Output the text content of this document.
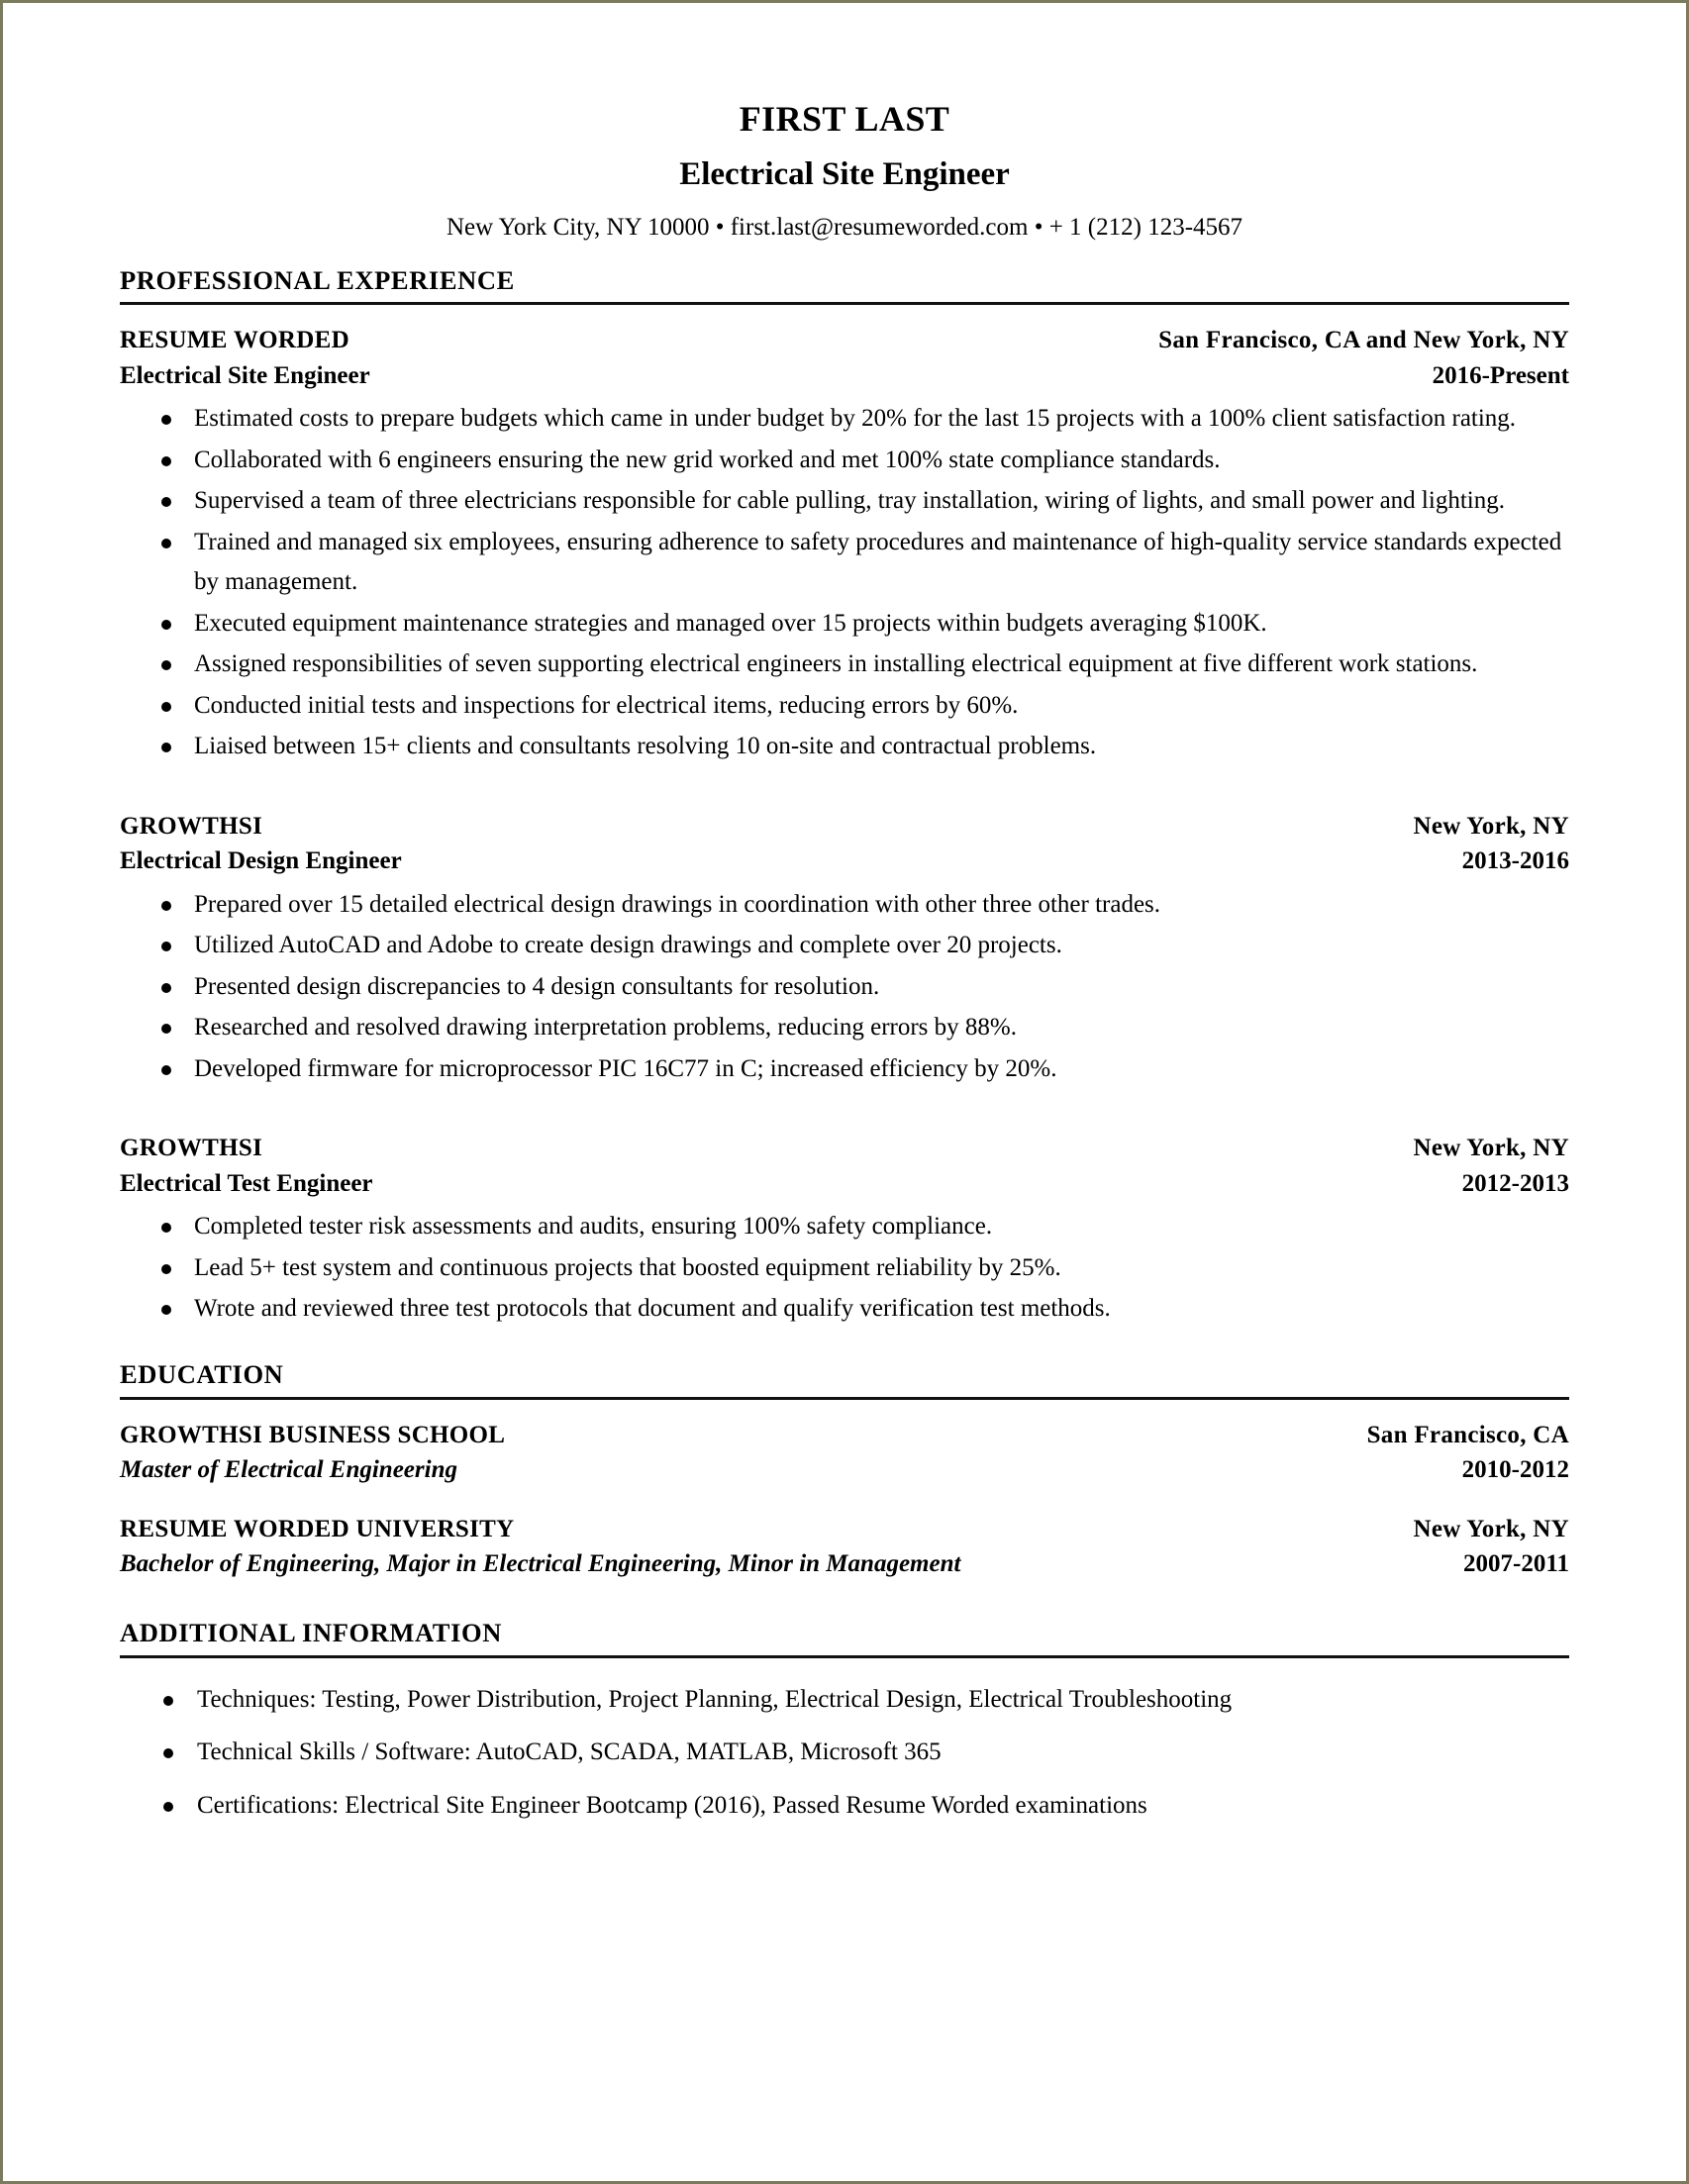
FIRST LAST
Electrical Site Engineer
New York City, NY 10000 • first.last@resumeworded.com • + 1 (212) 123-4567
PROFESSIONAL EXPERIENCE
RESUME WORDED	San Francisco, CA and New York, NY
Electrical Site Engineer	2016-Present
Estimated costs to prepare budgets which came in under budget by 20% for the last 15 projects with a 100% client satisfaction rating.
Collaborated with 6 engineers ensuring the new grid worked and met 100% state compliance standards.
Supervised a team of three electricians responsible for cable pulling, tray installation, wiring of lights, and small power and lighting.
Trained and managed six employees, ensuring adherence to safety procedures and maintenance of high-quality service standards expected by management.
Executed equipment maintenance strategies and managed over 15 projects within budgets averaging $100K.
Assigned responsibilities of seven supporting electrical engineers in installing electrical equipment at five different work stations.
Conducted initial tests and inspections for electrical items, reducing errors by 60%.
Liaised between 15+ clients and consultants resolving 10 on-site and contractual problems.
GROWTHSI	New York, NY
Electrical Design Engineer	2013-2016
Prepared over 15 detailed electrical design drawings in coordination with other three other trades.
Utilized AutoCAD and Adobe to create design drawings and complete over 20 projects.
Presented design discrepancies to 4 design consultants for resolution.
Researched and resolved drawing interpretation problems, reducing errors by 88%.
Developed firmware for microprocessor PIC 16C77 in C; increased efficiency by 20%.
GROWTHSI	New York, NY
Electrical Test Engineer	2012-2013
Completed tester risk assessments and audits, ensuring 100% safety compliance.
Lead 5+ test system and continuous projects that boosted equipment reliability by 25%.
Wrote and reviewed three test protocols that document and qualify verification test methods.
EDUCATION
GROWTHSI BUSINESS SCHOOL	San Francisco, CA
Master of Electrical Engineering	2010-2012
RESUME WORDED UNIVERSITY	New York, NY
Bachelor of Engineering, Major in Electrical Engineering, Minor in Management	2007-2011
ADDITIONAL INFORMATION
Techniques: Testing, Power Distribution, Project Planning, Electrical Design, Electrical Troubleshooting
Technical Skills / Software: AutoCAD, SCADA, MATLAB, Microsoft 365
Certifications: Electrical Site Engineer Bootcamp (2016), Passed Resume Worded examinations
